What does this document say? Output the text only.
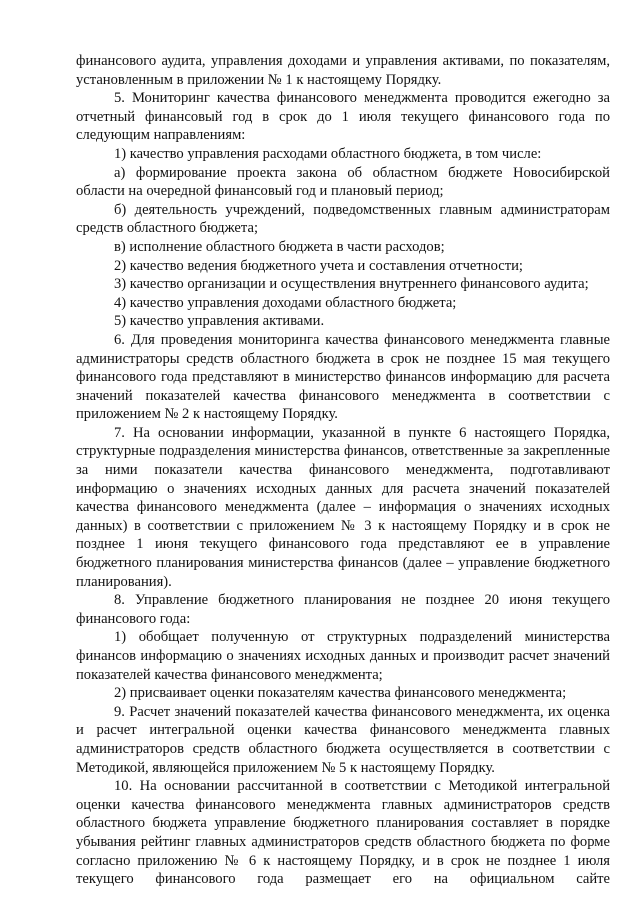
финансового аудита, управления доходами и управления активами, по показателям, установленным в приложении № 1 к настоящему Порядку.

5. Мониторинг качества финансового менеджмента проводится ежегодно за отчетный финансовый год в срок до 1 июля текущего финансового года по следующим направлениям:

1) качество управления расходами областного бюджета, в том числе:

а) формирование проекта закона об областном бюджете Новосибирской области на очередной финансовый год и плановый период;

б) деятельность учреждений, подведомственных главным администраторам средств областного бюджета;

в) исполнение областного бюджета в части расходов;

2) качество ведения бюджетного учета и составления отчетности;

3) качество организации и осуществления внутреннего финансового аудита;

4) качество управления доходами областного бюджета;

5) качество управления активами.

6. Для проведения мониторинга качества финансового менеджмента главные администраторы средств областного бюджета в срок не позднее 15 мая текущего финансового года представляют в министерство финансов информацию для расчета значений показателей качества финансового менеджмента в соответствии с приложением № 2 к настоящему Порядку.

7. На основании информации, указанной в пункте 6 настоящего Порядка, структурные подразделения министерства финансов, ответственные за закрепленные за ними показатели качества финансового менеджмента, подготавливают информацию о значениях исходных данных для расчета значений показателей качества финансового менеджмента (далее – информация о значениях исходных данных) в соответствии с приложением № 3 к настоящему Порядку и в срок не позднее 1 июня текущего финансового года представляют ее в управление бюджетного планирования министерства финансов (далее – управление бюджетного планирования).

8. Управление бюджетного планирования не позднее 20 июня текущего финансового года:

1) обобщает полученную от структурных подразделений министерства финансов информацию о значениях исходных данных и производит расчет значений показателей качества финансового менеджмента;

2) присваивает оценки показателям качества финансового менеджмента;

9. Расчет значений показателей качества финансового менеджмента, их оценка и расчет интегральной оценки качества финансового менеджмента главных администраторов средств областного бюджета осуществляется в соответствии с Методикой, являющейся приложением № 5 к настоящему Порядку.

10. На основании рассчитанной в соответствии с Методикой интегральной оценки качества финансового менеджмента главных администраторов средств областного бюджета управление бюджетного планирования составляет в порядке убывания рейтинг главных администраторов средств областного бюджета по форме согласно приложению № 6 к настоящему Порядку, и в срок не позднее 1 июля текущего финансового года размещает его на официальном сайте
